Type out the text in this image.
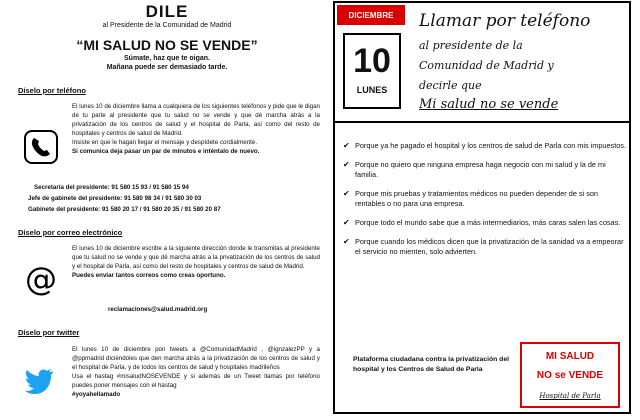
DILE
al Presidente de la Comunidad de Madrid
“MI SALUD NO SE VENDE”
Súmate, haz que te oigan.
Mañana puede ser demasiado tarde.
Díselo por teléfono
El lunes 10 de diciembre llama a cualquiera de los siguientes teléfonos y pide que le digan de tu parte al presidente que tu salud no se vende y que dé marcha atrás a la privatización de los centros de salud y el hospital de Parla, así como del resto de hospitales y centros de salud de Madrid.
Insiste en que le hagan llegar el mensaje y despídete cordialmente.
Si comunica deja pasar un par de minutos e inténtalo de nuevo.
Secretaría del presidente: 91 580 15 93 / 91 580 15 94
Jefe de gabinete del presidente: 91 580 98 34 / 91 580 30 03
Gabinete del presidente: 91 580 20 17 / 91 580 20 35 / 91 580 20 87
Díselo por correo electrónico
@
El lunes 10 de diciembre escribe a la siguiente dirección donde le transmitas al presidente que tu salud no se vende y que dé marcha atrás a la privatización de los centros de salud y el hospital de Parla, así como del resto de hospitales y centros de salud de Madrid.
Puedes enviar tantos correos como creas oportuno.
reclamaciones@salud.madrid.org
Díselo por twitter
El lunes 10 de diciembre pon tweets a @ComunidadMadrid , @ignzalezPP y a @ppmadrid diciéndoles que den marcha atrás a la privatización de los centros de salud y el hospital de Parla, y de todos los centros de salud y hospitales madrileños
Usa el hastag #misaludNOSEVENDE y si además de un Tweet llamas por teléfono puedes poner mensajes con el hastag
#yoyahellamado
DICIEMBRE
10
LUNES
Llamar por teléfono
al presidente de la
Comunidad de Madrid y
decirle que
Mi salud no se vende
✔ Porque ya he pagado el hospital y los centros de salud de Parla con mis impuestos.
✔ Porque no quiero que ninguna empresa haga negocio con mi salud y la de mi familia.
✔ Porque mis pruebas y tratamientos médicos no pueden depender de si son rentables o no para una empresa.
✔ Porque todo el mundo sabe que a más intermediarios, más caras salen las cosas.
✔ Porque cuando los médicos dicen que la privatización de la sanidad va a empeorar el servicio no mienten, solo advierten.
Plataforma ciudadana contra la privatización del hospital y los Centros de Salud de Parla
MI SALUD
NO se VENDE
Hospital de Parla
